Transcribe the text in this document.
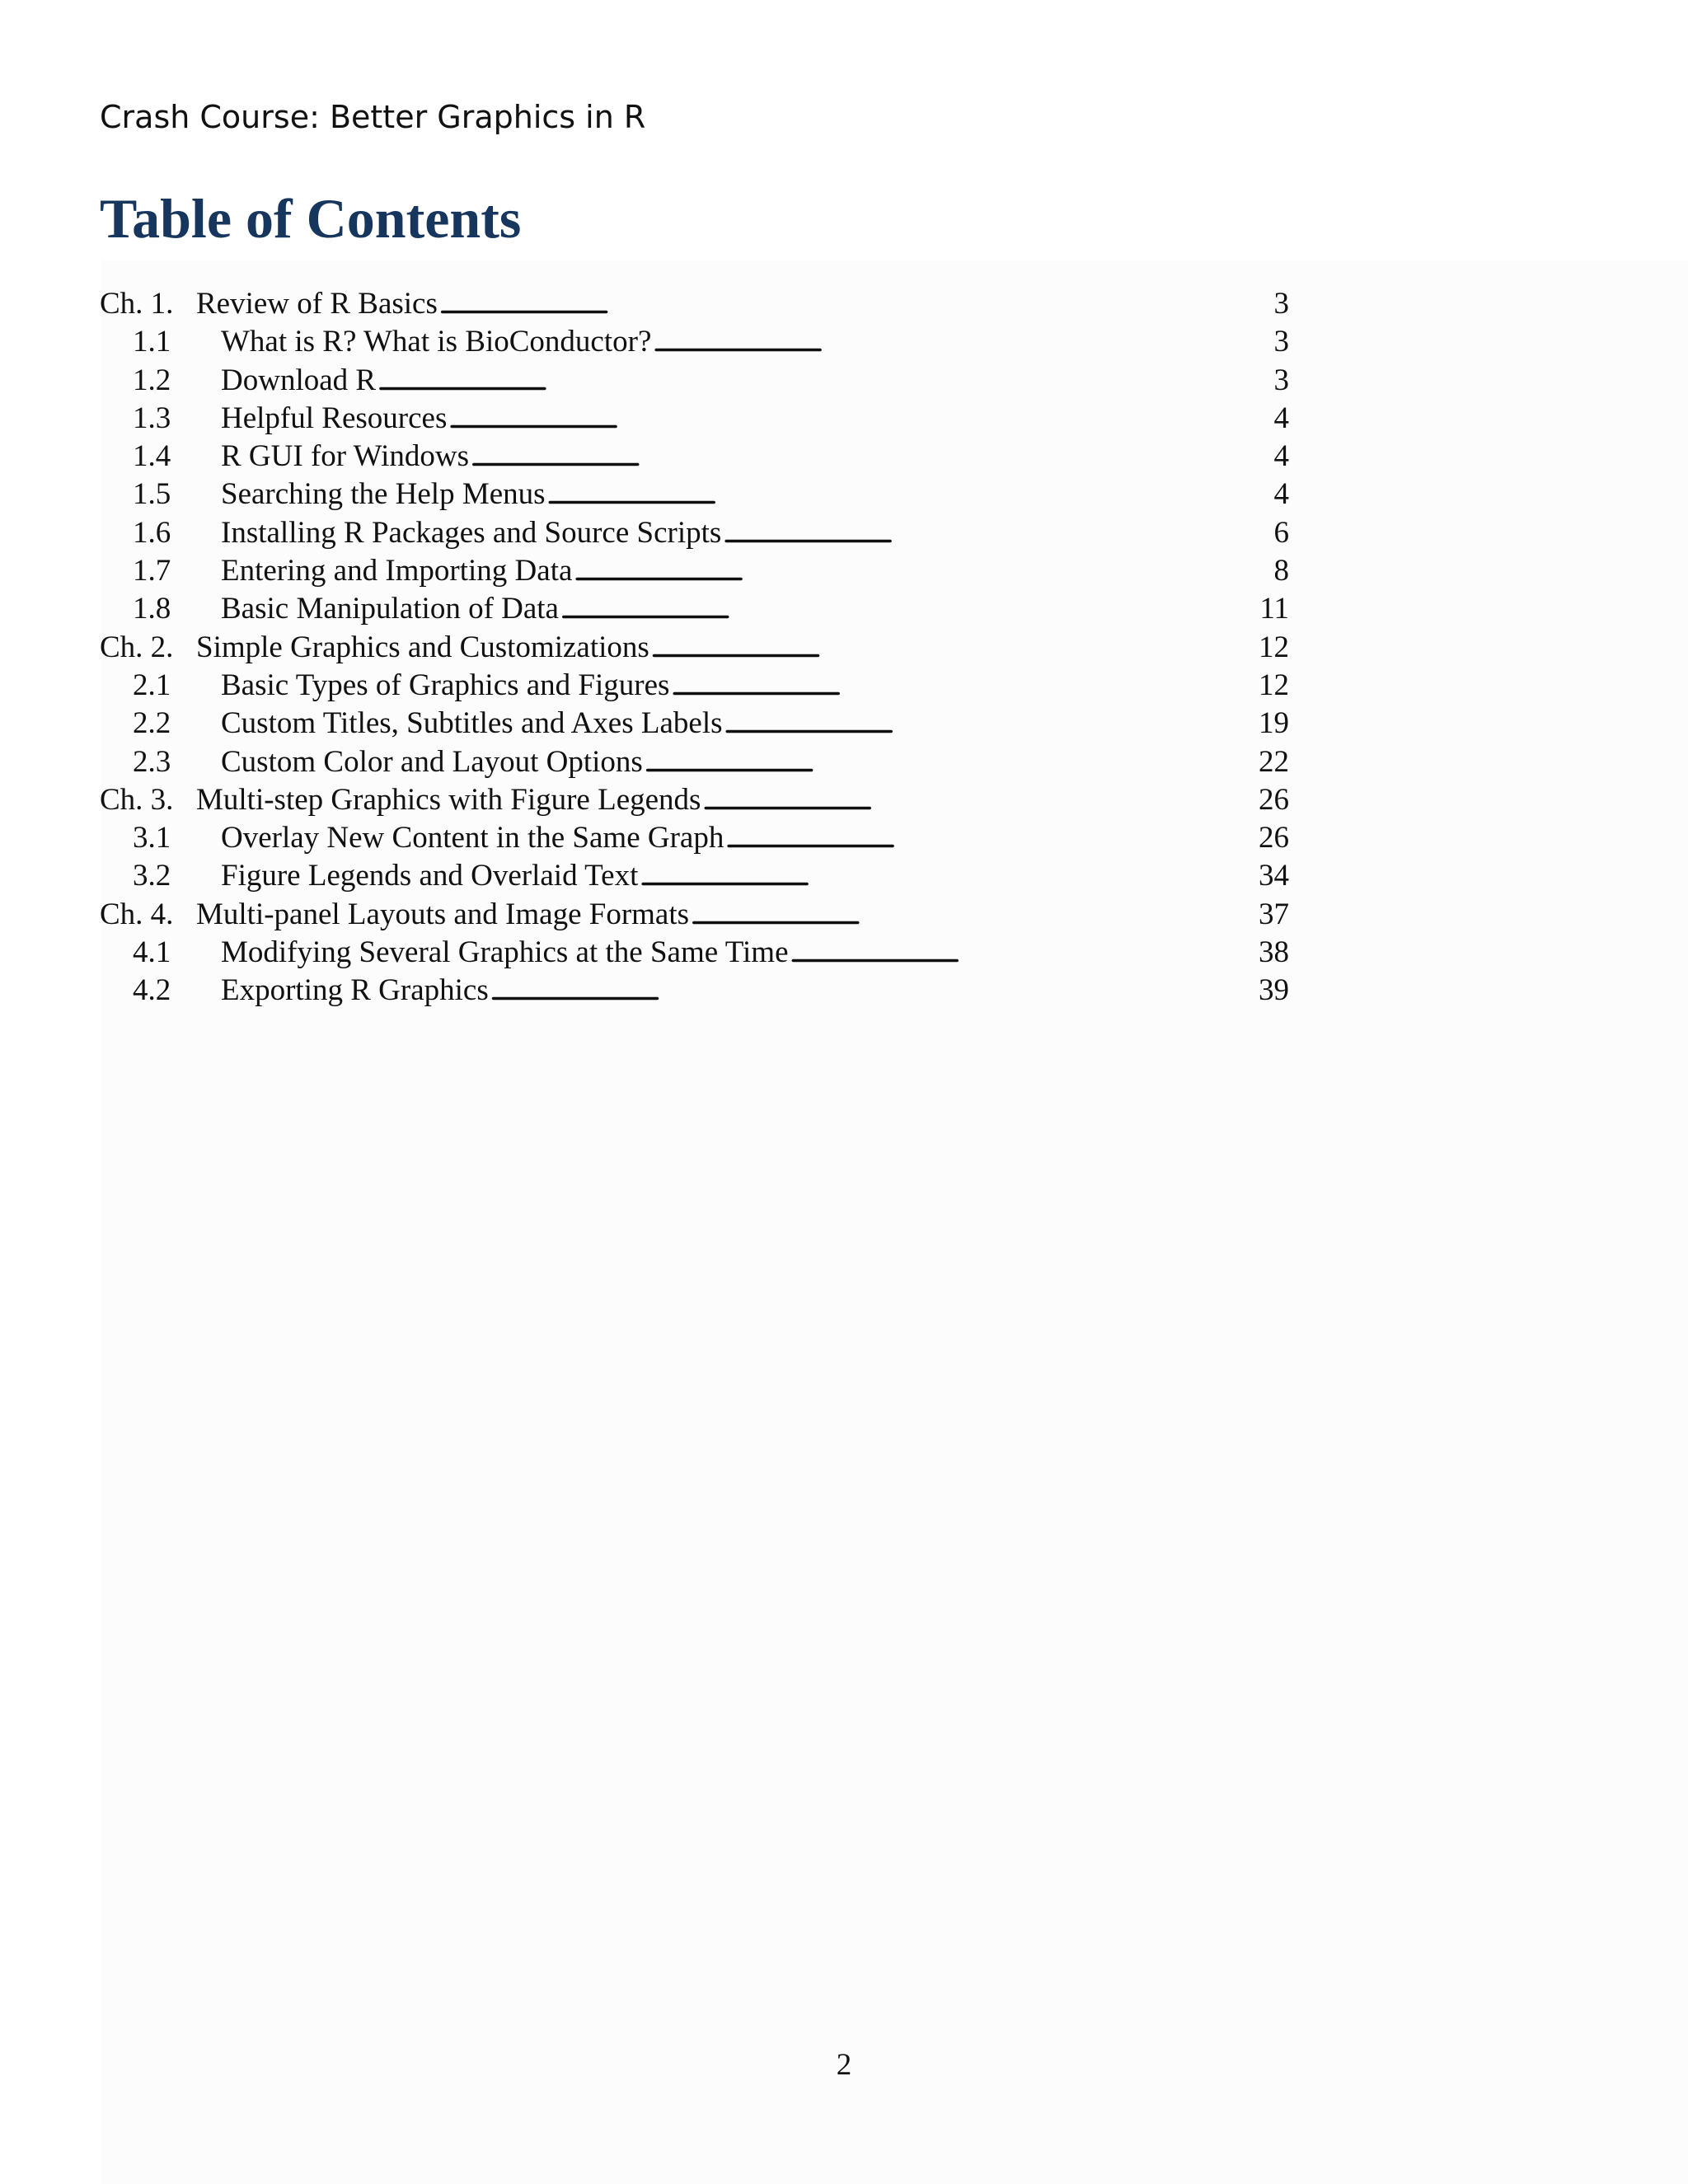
Crash Course: Better Graphics in R
Table of Contents
Ch. 1. Review of R Basics . . .	3
1.1	What is R? What is BioConductor? . . .	3
1.2	Download R . . .	3
1.3	Helpful Resources . . .	4
1.4	R GUI for Windows . . .	4
1.5	Searching the Help Menus . . .	4
1.6	Installing R Packages and Source Scripts . . .	6
1.7	Entering and Importing Data . . .	8
1.8	Basic Manipulation of Data . . .	11
Ch. 2. Simple Graphics and Customizations . . .	12
2.1	Basic Types of Graphics and Figures . . .	12
2.2	Custom Titles, Subtitles and Axes Labels . . .	19
2.3	Custom Color and Layout Options . . .	22
Ch. 3. Multi-step Graphics with Figure Legends . . .	26
3.1	Overlay New Content in the Same Graph . . .	26
3.2	Figure Legends and Overlaid Text . . .	34
Ch. 4. Multi-panel Layouts and Image Formats . . .	37
4.1	Modifying Several Graphics at the Same Time . . .	38
4.2	Exporting R Graphics . . .	39
2
